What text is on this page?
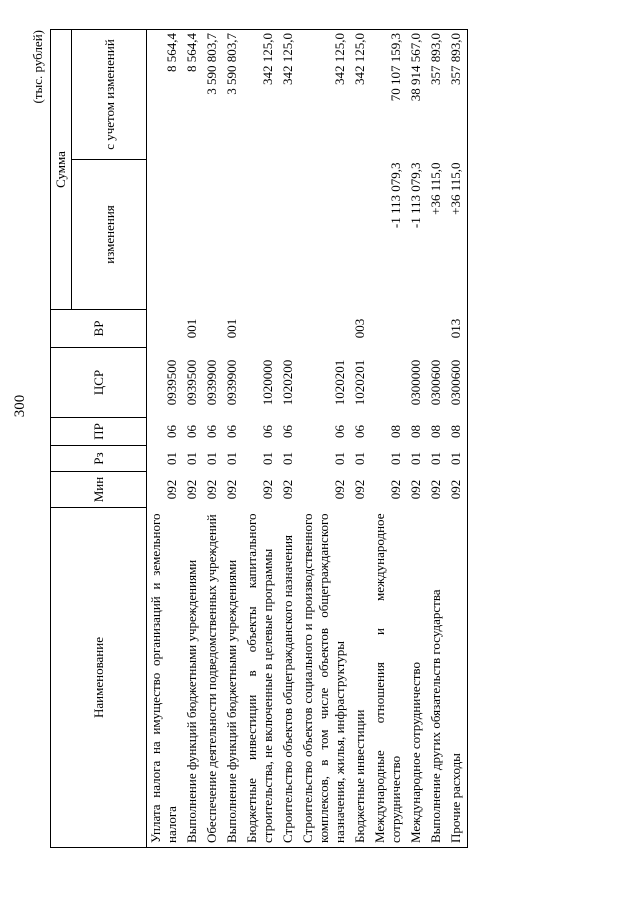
300
(тыс. рублей)
Наименование	Мин	Рз	ПР	ЦСР	ВР	Сумма	
						изменения	с учетом изменений
Уплата налога на имущество организаций и земельного налога	092	01	06	0939500			8 564,4
Выполнение функций бюджетными учреждениями	092	01	06	0939500	001		8 564,4
Обеспечение деятельности подведомственных учреждений	092	01	06	0939900			3 590 803,7
Выполнение функций бюджетными учреждениями	092	01	06	0939900	001		3 590 803,7
Бюджетные инвестиции в объекты капитального строительства, не включенные в целевые программы	092	01	06	1020000			342 125,0
Строительство объектов общегражданского назначения	092	01	06	1020200			342 125,0
Строительство объектов социального и производственного комплексов, в том числе объектов общегражданского назначения, жилья, инфраструктуры	092	01	06	1020201			342 125,0
Бюджетные инвестиции	092	01	06	1020201	003		342 125,0
Международные отношения и международное сотрудничество	092	01	08			-1 113 079,3	70 107 159,3
Международное сотрудничество	092	01	08	0300000		-1 113 079,3	38 914 567,0
Выполнение других обязательств государства	092	01	08	0300600		+36 115,0	357 893,0
Прочие расходы	092	01	08	0300600	013	+36 115,0	357 893,0
